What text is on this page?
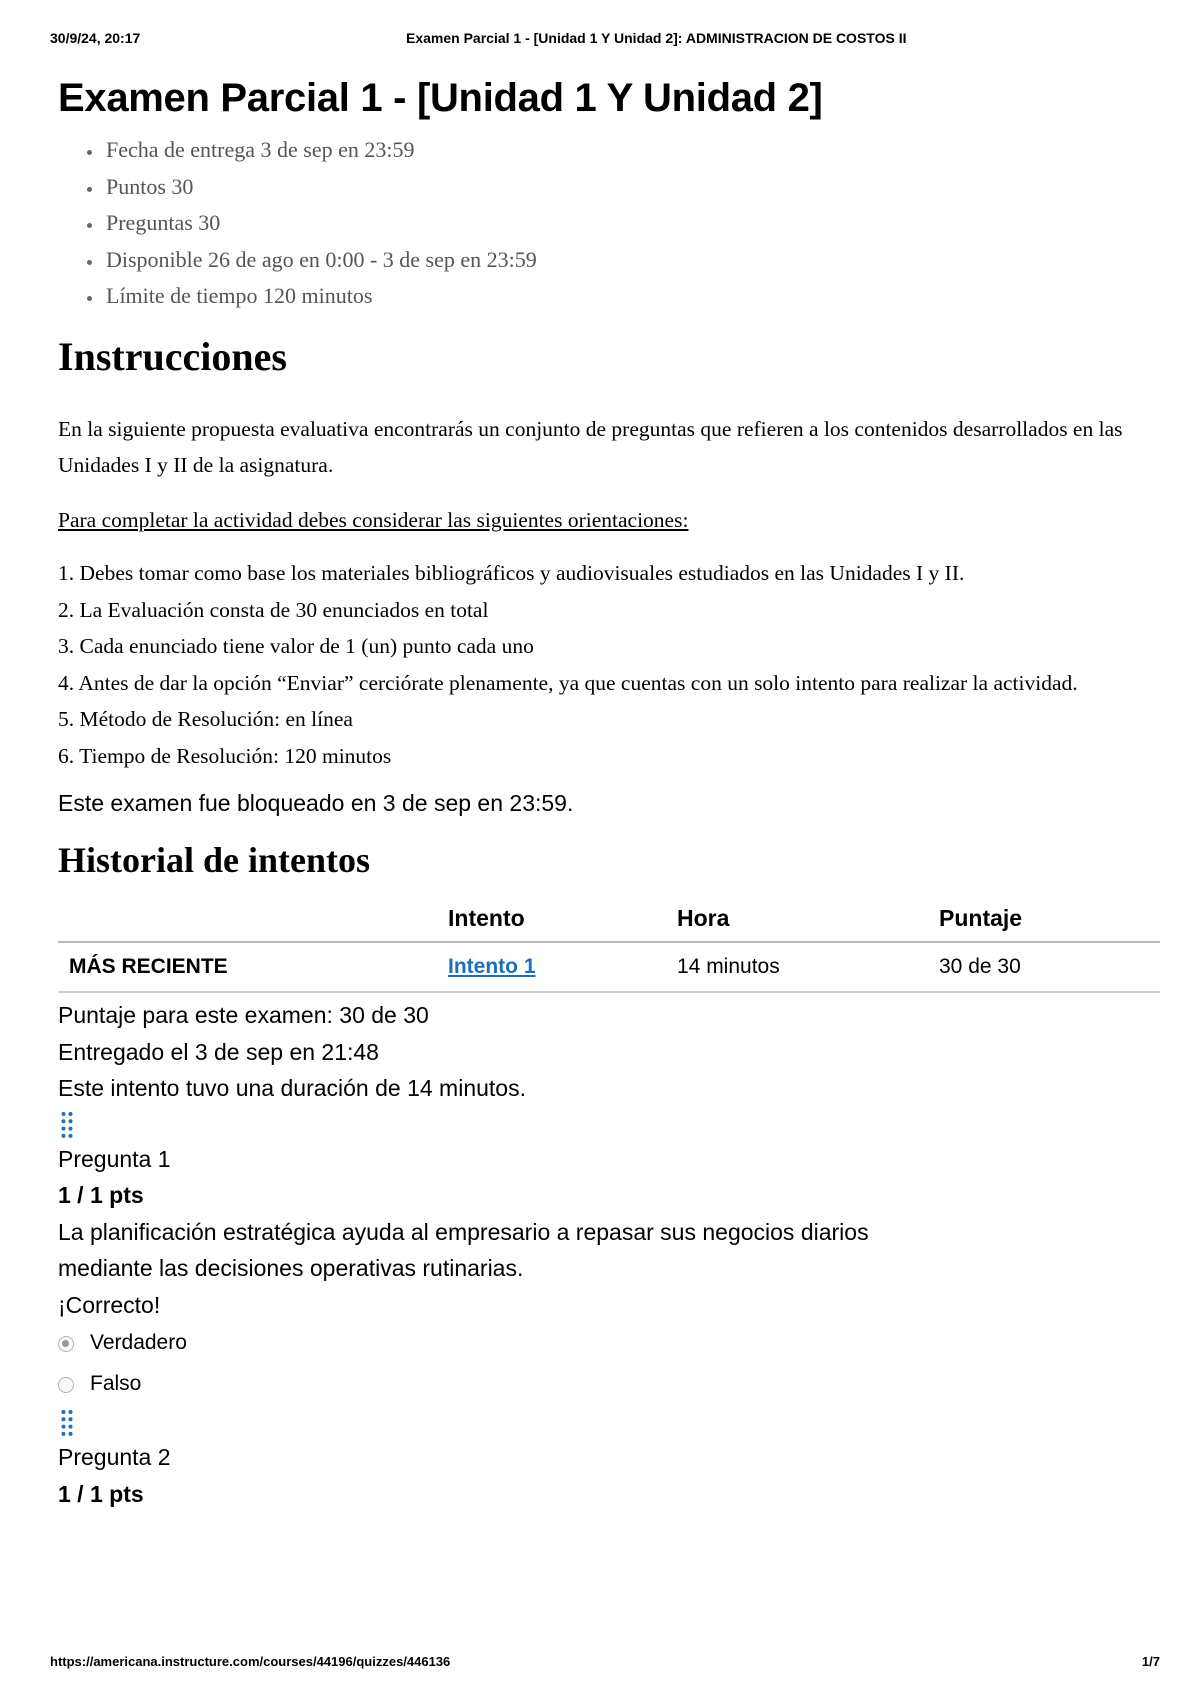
30/9/24, 20:17	Examen Parcial 1 - [Unidad 1 Y Unidad 2]: ADMINISTRACION DE COSTOS II
Examen Parcial 1 - [Unidad 1 Y Unidad 2]
• Fecha de entrega 3 de sep en 23:59
• Puntos 30
• Preguntas 30
• Disponible 26 de ago en 0:00 - 3 de sep en 23:59
• Límite de tiempo 120 minutos
Instrucciones

En la siguiente propuesta evaluativa encontrarás un conjunto de preguntas que refieren a los contenidos desarrollados en las Unidades I y II de la asignatura.

Para completar la actividad debes considerar las siguientes orientaciones:

1. Debes tomar como base los materiales bibliográficos y audiovisuales estudiados en las Unidades I y II.

2. La Evaluación consta de 30 enunciados en total

3. Cada enunciado tiene valor de 1 (un) punto cada uno

4. Antes de dar la opción “Enviar” cerciórate plenamente, ya que cuentas con un solo intento para realizar la actividad.

5. Método de Resolución: en línea

6. Tiempo de Resolución: 120 minutos

Este examen fue bloqueado en 3 de sep en 23:59.
Historial de intentos
	Intento	Hora	Puntaje
MÁS RECIENTE	Intento 1	14 minutos	30 de 30
Puntaje para este examen: 30 de 30
Entregado el 3 de sep en 21:48
Este intento tuvo una duración de 14 minutos.
Pregunta 1
1 / 1 pts
La planificación estratégica ayuda al empresario a repasar sus negocios diarios
mediante las decisiones operativas rutinarias.
¡Correcto!
Verdadero
Falso
Pregunta 2
1 / 1 pts
https://americana.instructure.com/courses/44196/quizzes/446136	1/7
